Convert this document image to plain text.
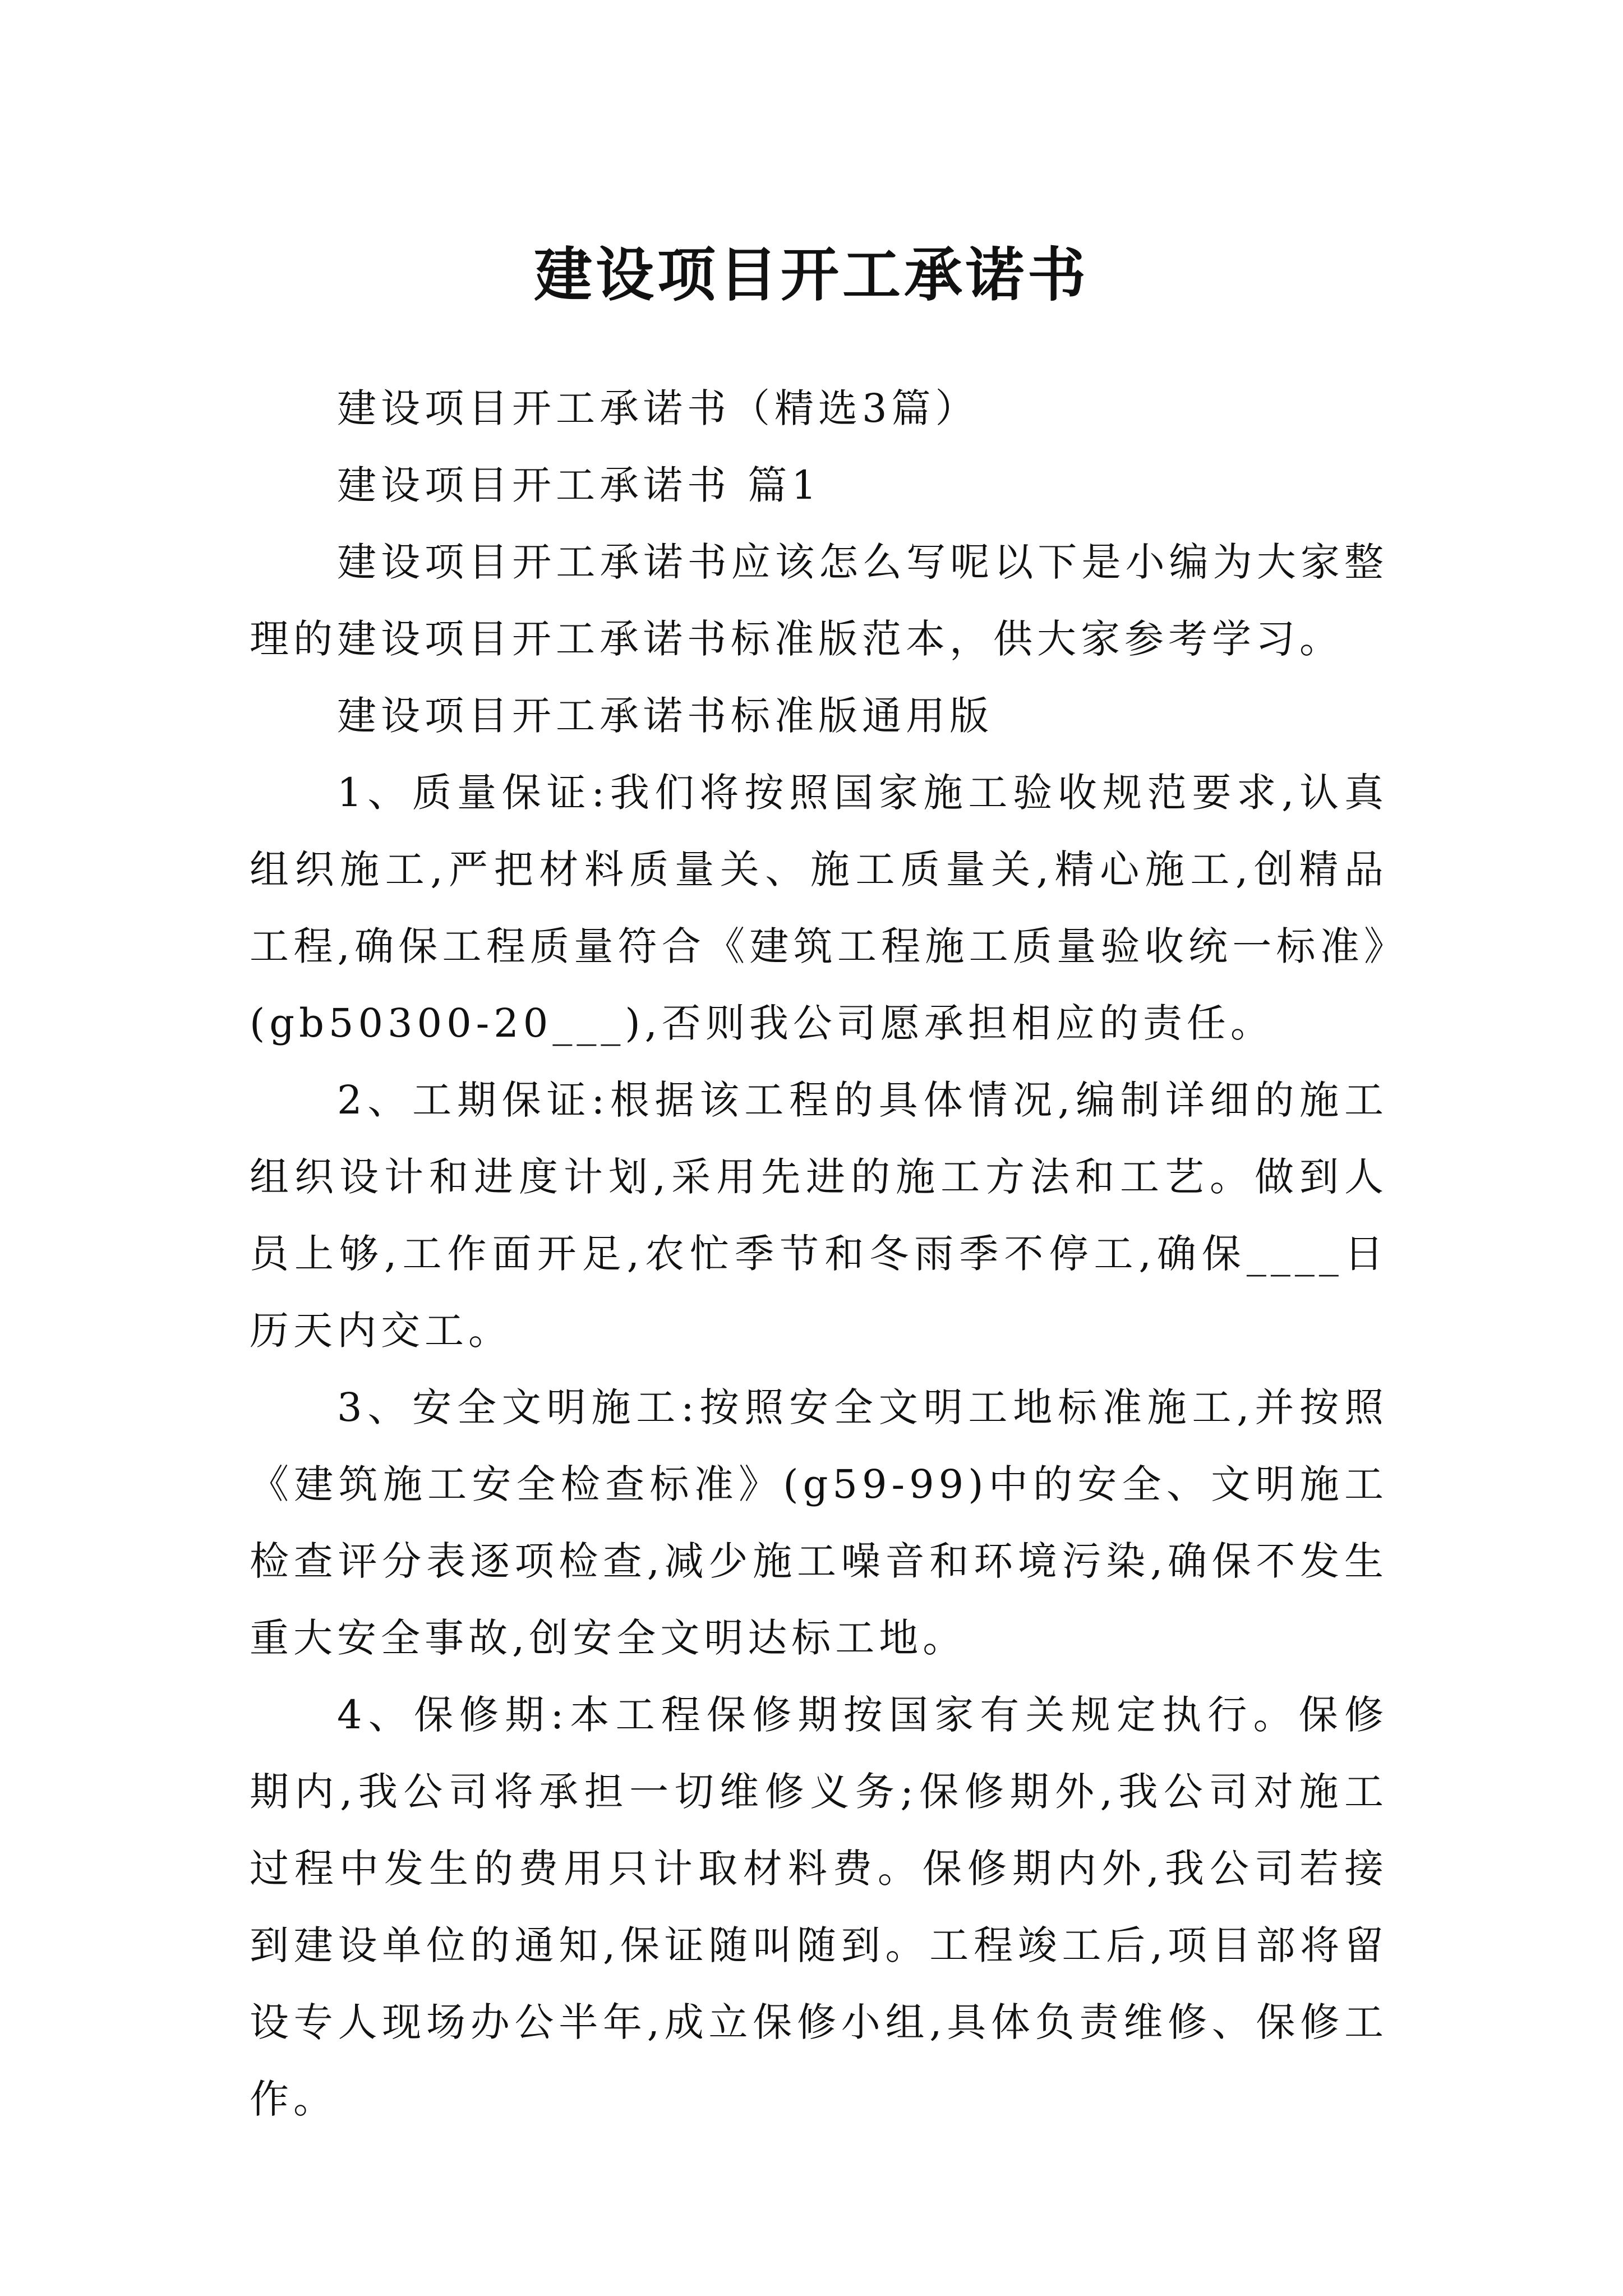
建设项目开工承诺书

建设项目开工承诺书（精选3篇）

建设项目开工承诺书 篇1

建设项目开工承诺书应该怎么写呢以下是小编为大家整理的建设项目开工承诺书标准版范本，供大家参考学习。

建设项目开工承诺书标准版通用版

1、质量保证:我们将按照国家施工验收规范要求,认真组织施工,严把材料质量关、施工质量关,精心施工,创精品工程,确保工程质量符合《建筑工程施工质量验收统一标准》(gb50300-20___),否则我公司愿承担相应的责任。

2、工期保证:根据该工程的具体情况,编制详细的施工组织设计和进度计划,采用先进的施工方法和工艺。做到人员上够,工作面开足,农忙季节和冬雨季不停工,确保____日历天内交工。

3、安全文明施工:按照安全文明工地标准施工,并按照《建筑施工安全检查标准》(g59-99)中的安全、文明施工检查评分表逐项检查,减少施工噪音和环境污染,确保不发生重大安全事故,创安全文明达标工地。

4、保修期:本工程保修期按国家有关规定执行。保修期内,我公司将承担一切维修义务;保修期外,我公司对施工过程中发生的费用只计取材料费。保修期内外,我公司若接到建设单位的通知,保证随叫随到。工程竣工后,项目部将留设专人现场办公半年,成立保修小组,具体负责维修、保修工作。
